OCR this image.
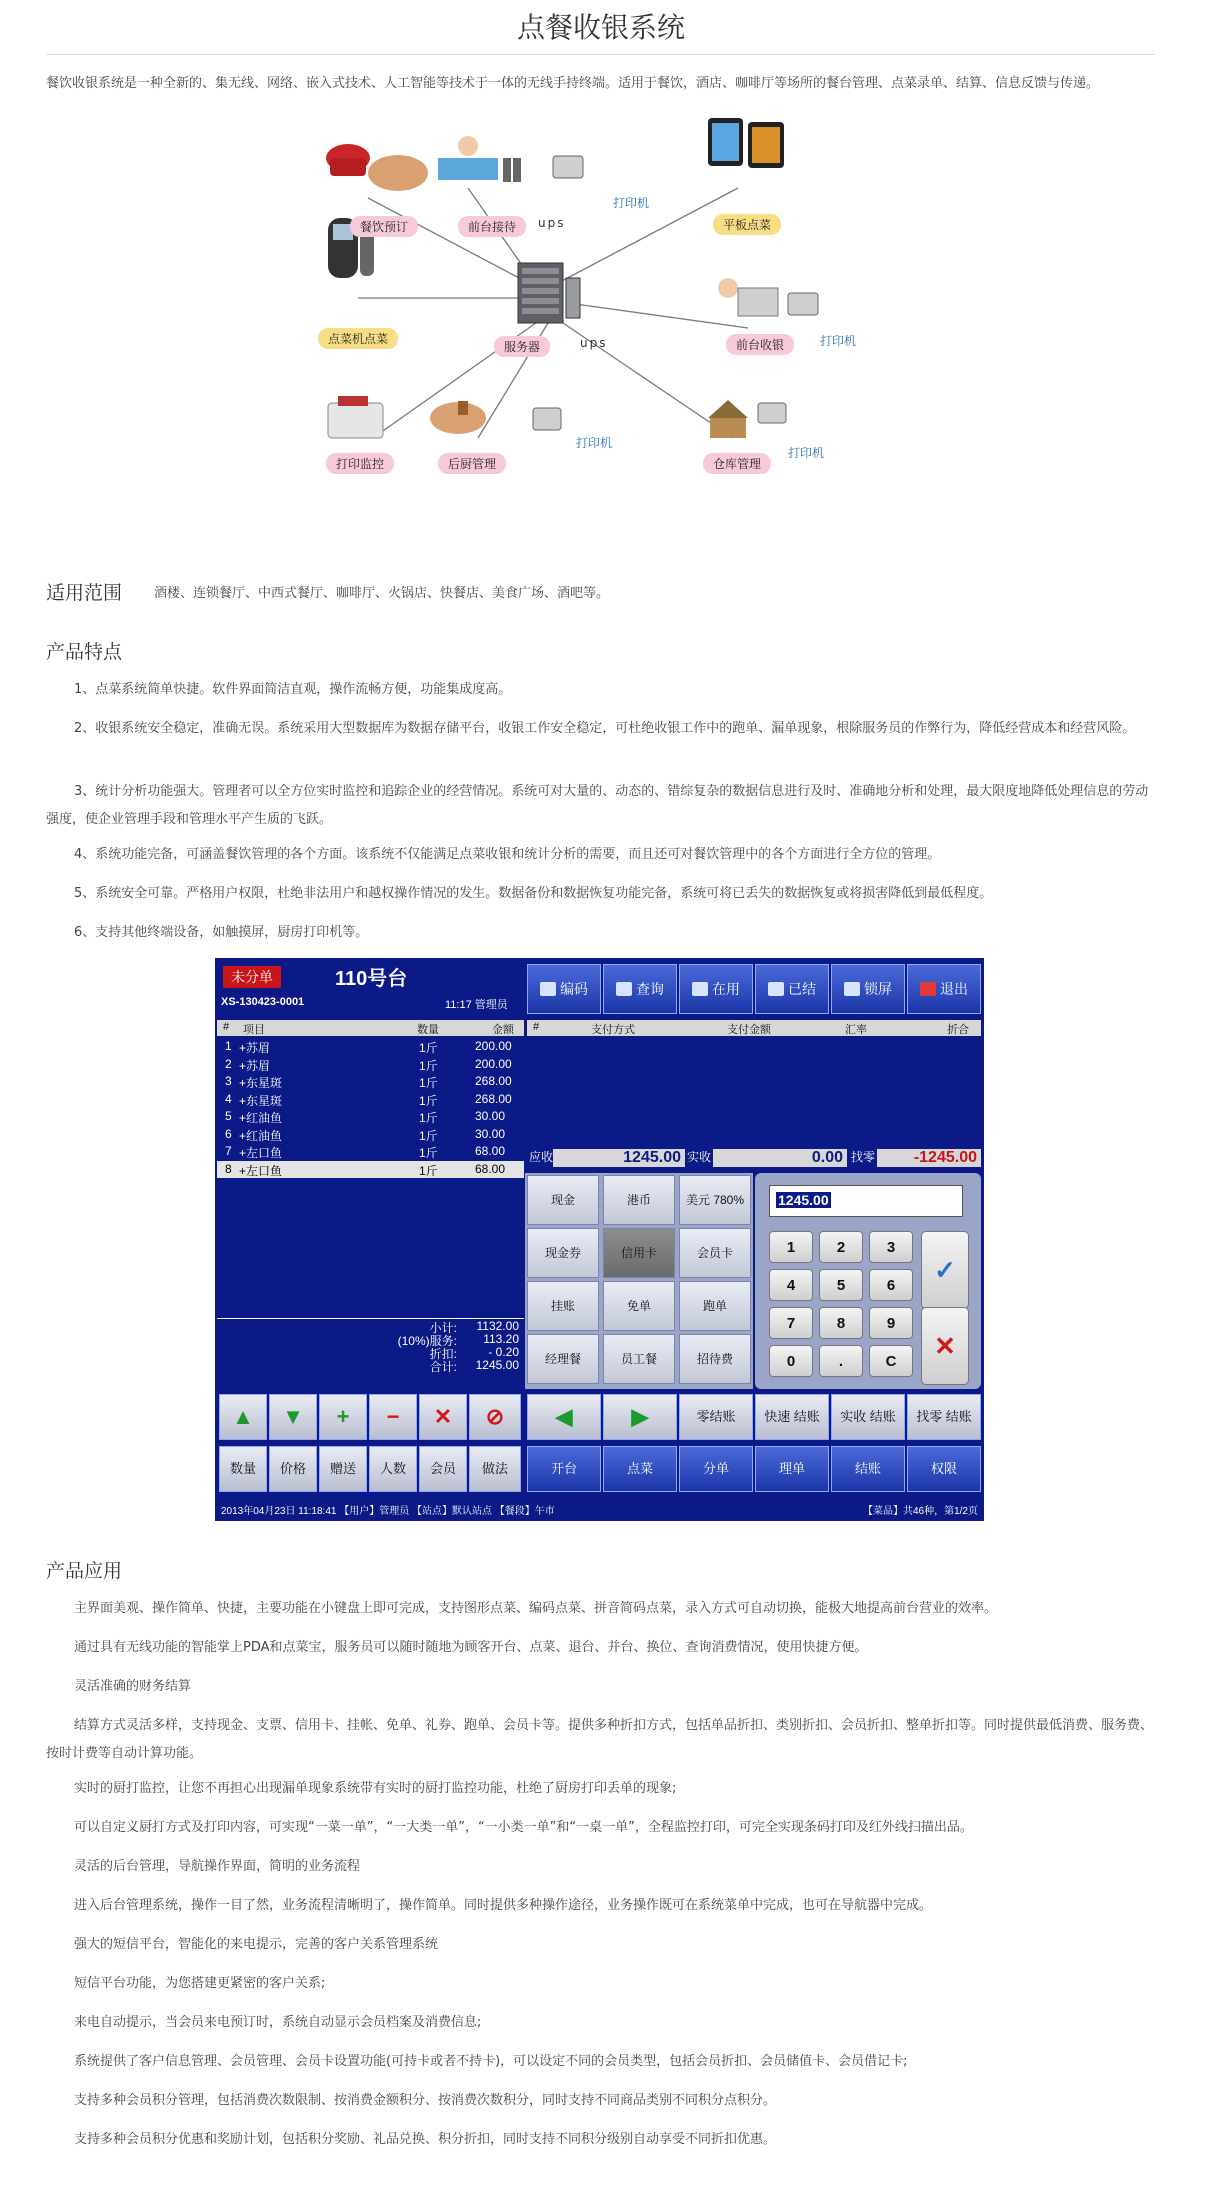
点餐收银系统
餐饮收银系统是一种全新的、集无线、网络、嵌入式技术、人工智能等技术于一体的无线手持终端。适用于餐饮，酒店、咖啡厅等场所的餐台管理、点菜录单、结算、信息反馈与传递。
餐饮预订	前台接待
打印机
ups	平板点菜
点菜机点菜
服务器	ups	前台收银	打印机
打印监控	后厨管理
打印机
仓库管理
打印机
适用范围 酒楼、连锁餐厅、中西式餐厅、咖啡厅、火锅店、快餐店、美食广场、酒吧等。
产品特点
1、点菜系统简单快捷。软件界面简洁直观，操作流畅方便，功能集成度高。
2、收银系统安全稳定，准确无误。系统采用大型数据库为数据存储平台，收银工作安全稳定，可杜绝收银工作中的跑单、漏单现象，根除服务员的作弊行为，降低经营成本和经营风险。
3、统计分析功能强大。管理者可以全方位实时监控和追踪企业的经营情况。系统可对大量的、动态的、错综复杂的数据信息进行及时、准确地分析和处理，最大限度地降低处理信息的劳动强度，使企业管理手段和管理水平产生质的飞跃。
4、系统功能完备，可涵盖餐饮管理的各个方面。该系统不仅能满足点菜收银和统计分析的需要，而且还可对餐饮管理中的各个方面进行全方位的管理。
5、系统安全可靠。严格用户权限，杜绝非法用户和越权操作情况的发生。数据备份和数据恢复功能完备，系统可将已丢失的数据恢复或将损害降低到最低程度。
6、支持其他终端设备，如触摸屏，厨房打印机等。
未分单	110号台
XS-130423-0001	11:17 管理员
编码	查询	在用	已结	锁屏	退出
# 项目	数量	金额 #	支付方式	支付金额	汇率	折合
1 +苏眉	1斤	200.00
2 +苏眉	1斤	200.00
3 +东星斑	1斤	268.00
4 +东星斑	1斤	268.00
5 +红油鱼	1斤	30.00
6 +红油鱼	1斤	30.00
7 +左口鱼	1斤	68.00
8 +左口鱼	1斤	68.00
小计:	1132.00
(10%)服务:	113.20
折扣:	- 0.20
合计:	1245.00
应收	1245.00 实收	0.00 找零	-1245.00
现金	港币	美元 780%
现金券	信用卡	会员卡
挂账	免单	跑单
经理餐	员工餐	招待费
1245.00
1	2	3
4	5	6
7	8	9
0	.	C
✓
✕
▲	▼	+	−	✕	⊘	◀	▶	零结账	快速 结账	实收 结账	找零 结账
数量	价格	赠送	人数	会员	做法	开台	点菜	分单	理单	结账	权限
2013年04月23日 11:18:41 【用户】管理员 【站点】默认站点 【餐段】午市	【菜品】共46种，第1/2页
产品应用
主界面美观、操作简单、快捷，主要功能在小键盘上即可完成，支持图形点菜、编码点菜、拼音简码点菜，录入方式可自动切换，能极大地提高前台营业的效率。
通过具有无线功能的智能掌上PDA和点菜宝，服务员可以随时随地为顾客开台、点菜、退台、并台、换位、查询消费情况，使用快捷方便。
灵活准确的财务结算
结算方式灵活多样，支持现金、支票、信用卡、挂帐、免单、礼券、跑单、会员卡等。提供多种折扣方式，包括单品折扣、类别折扣、会员折扣、整单折扣等。同时提供最低消费、服务费、按时计费等自动计算功能。
实时的厨打监控，让您不再担心出现漏单现象系统带有实时的厨打监控功能，杜绝了厨房打印丢单的现象;
可以自定义厨打方式及打印内容，可实现“一菜一单”，“一大类一单”，“一小类一单”和“一桌一单”，全程监控打印，可完全实现条码打印及红外线扫描出品。
灵活的后台管理，导航操作界面，简明的业务流程
进入后台管理系统，操作一目了然，业务流程清晰明了，操作简单。同时提供多种操作途径，业务操作既可在系统菜单中完成，也可在导航器中完成。
强大的短信平台，智能化的来电提示，完善的客户关系管理系统
短信平台功能，为您搭建更紧密的客户关系;
来电自动提示，当会员来电预订时，系统自动显示会员档案及消费信息;
系统提供了客户信息管理、会员管理、会员卡设置功能(可持卡或者不持卡)，可以设定不同的会员类型，包括会员折扣、会员储值卡、会员借记卡;
支持多种会员积分管理，包括消费次数限制、按消费金额积分、按消费次数积分，同时支持不同商品类别不同积分点积分。
支持多种会员积分优惠和奖励计划，包括积分奖励、礼品兑换、积分折扣，同时支持不同积分级别自动享受不同折扣优惠。
